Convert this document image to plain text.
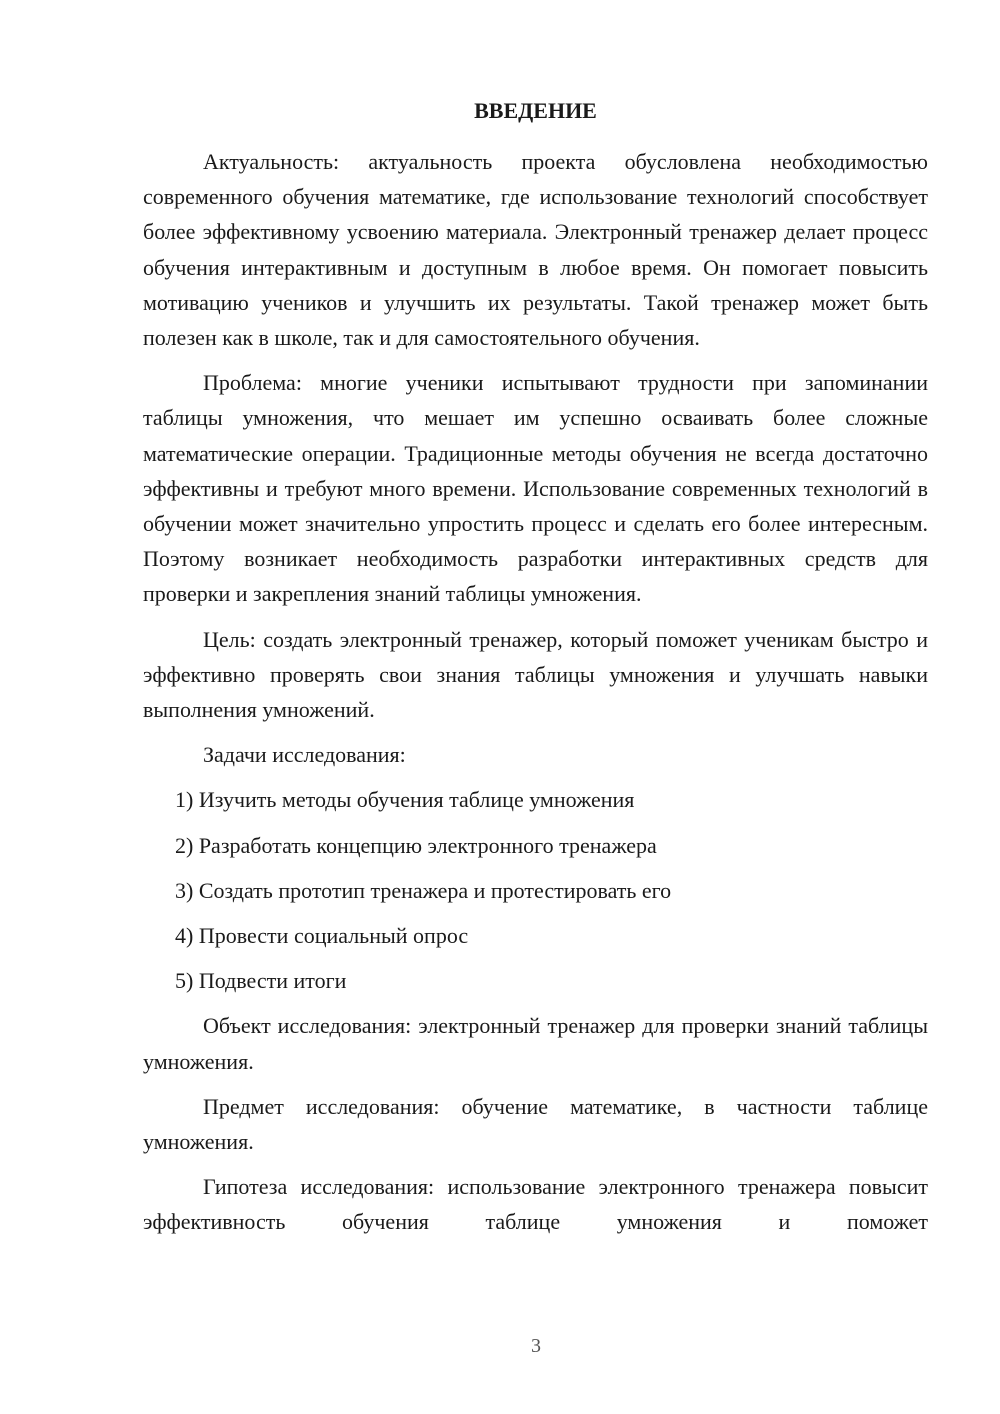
ВВЕДЕНИЕ

Актуальность: актуальность проекта обусловлена необходимостью современного обучения математике, где использование технологий способствует более эффективному усвоению материала. Электронный тренажер делает процесс обучения интерактивным и доступным в любое время. Он помогает повысить мотивацию учеников и улучшить их результаты. Такой тренажер может быть полезен как в школе, так и для самостоятельного обучения.

Проблема: многие ученики испытывают трудности при запоминании таблицы умножения, что мешает им успешно осваивать более сложные математические операции. Традиционные методы обучения не всегда достаточно эффективны и требуют много времени. Использование современных технологий в обучении может значительно упростить процесс и сделать его более интересным. Поэтому возникает необходимость разработки интерактивных средств для проверки и закрепления знаний таблицы умножения.

Цель: создать электронный тренажер, который поможет ученикам быстро и эффективно проверять свои знания таблицы умножения и улучшать навыки выполнения умножений.

Задачи исследования:

1) Изучить методы обучения таблице умножения

2) Разработать концепцию электронного тренажера

3) Создать прототип тренажера и протестировать его

4) Провести социальный опрос

5) Подвести итоги

Объект исследования: электронный тренажер для проверки знаний таблицы умножения.

Предмет исследования: обучение математике, в частности таблице умножения.

Гипотеза исследования: использование электронного тренажера повысит эффективность обучения таблице умножения и поможет

3
